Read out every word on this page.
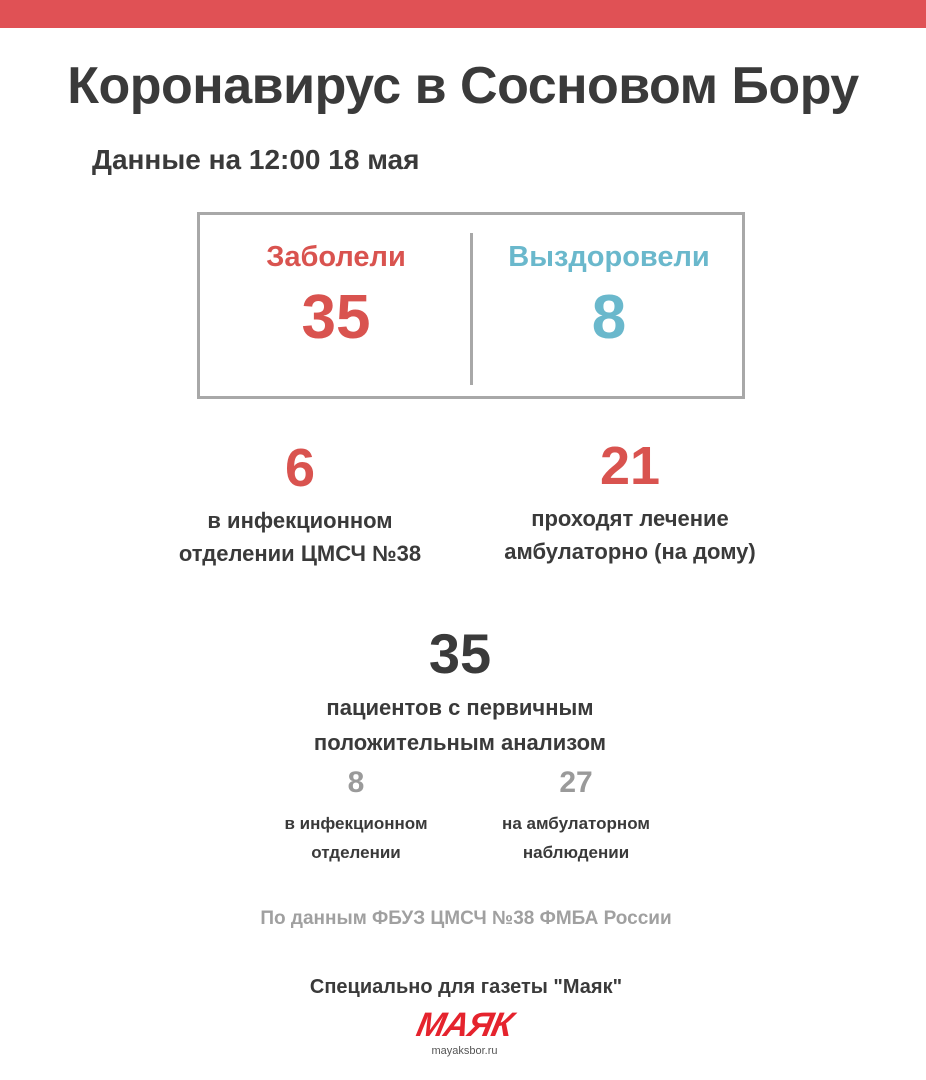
Коронавирус в Сосновом Бору
Данные на 12:00 18 мая
Заболели
35
Выздоровели
8
6
в инфекционном
отделении ЦМСЧ №38
21
проходят лечение
амбулаторно (на дому)
35
пациентов с первичным
положительным анализом
8
в инфекционном
отделении
27
на амбулаторном
наблюдении
По данным ФБУЗ ЦМСЧ №38 ФМБА России
Специально для газеты "Маяк"
МАЯК
mayaksbor.ru
